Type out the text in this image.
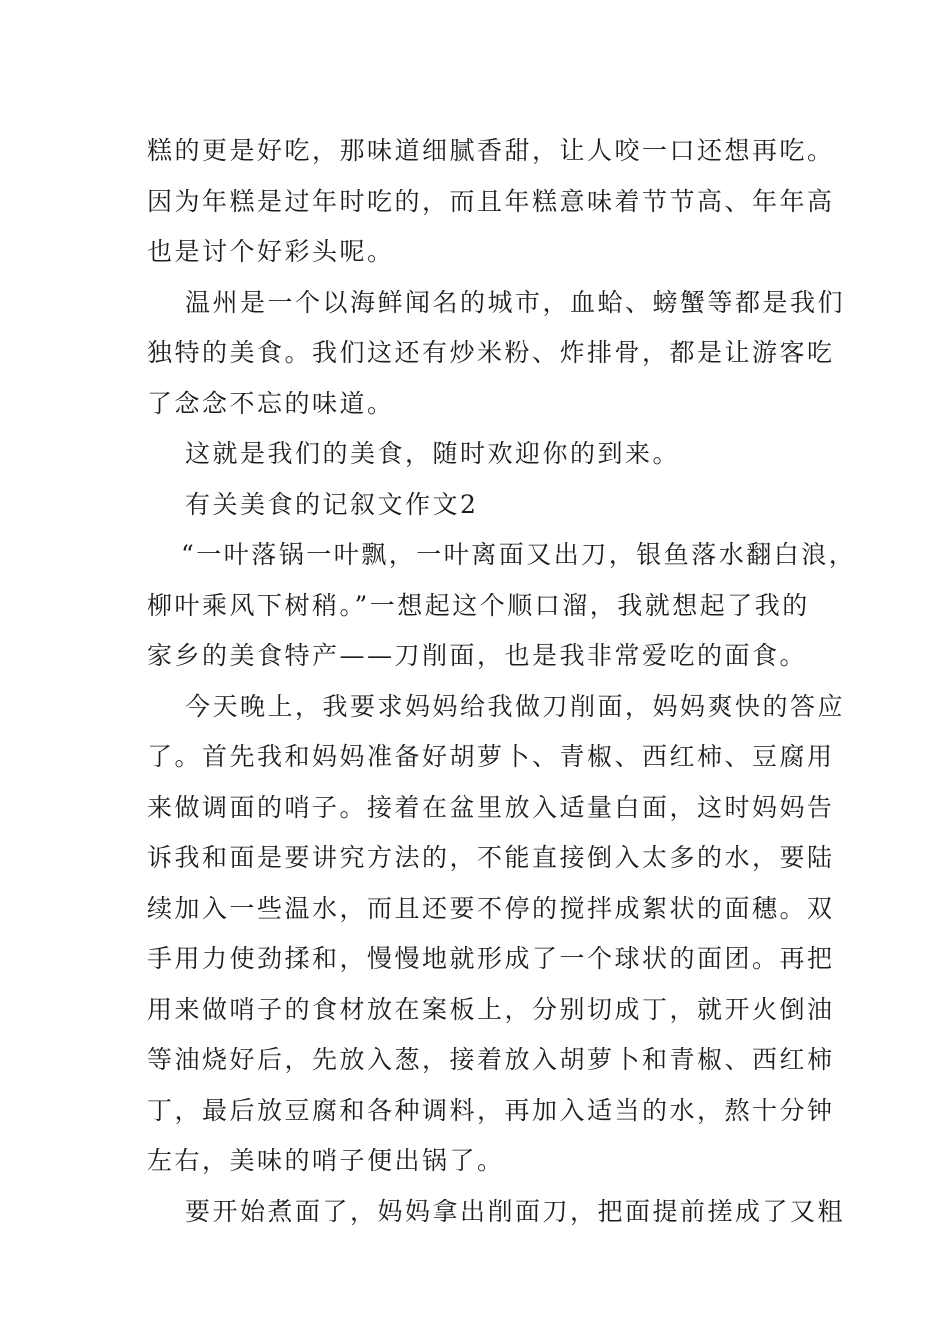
糕的更是好吃，那味道细腻香甜，让人咬一口还想再吃。
因为年糕是过年时吃的，而且年糕意味着节节高、年年高
也是讨个好彩头呢。
温州是一个以海鲜闻名的城市，血蛤、螃蟹等都是我们
独特的美食。我们这还有炒米粉、炸排骨，都是让游客吃
了念念不忘的味道。
这就是我们的美食，随时欢迎你的到来。
有关美食的记叙文作文2
“一叶落锅一叶飘，一叶离面又出刀，银鱼落水翻白浪，
柳叶乘风下树稍。”一想起这个顺口溜，我就想起了我的
家乡的美食特产——刀削面，也是我非常爱吃的面食。
今天晚上，我要求妈妈给我做刀削面，妈妈爽快的答应
了。首先我和妈妈准备好胡萝卜、青椒、西红柿、豆腐用
来做调面的哨子。接着在盆里放入适量白面，这时妈妈告
诉我和面是要讲究方法的，不能直接倒入太多的水，要陆
续加入一些温水，而且还要不停的搅拌成絮状的面穗。双
手用力使劲揉和，慢慢地就形成了一个球状的面团。再把
用来做哨子的食材放在案板上，分别切成丁，就开火倒油
等油烧好后，先放入葱，接着放入胡萝卜和青椒、西红柿
丁，最后放豆腐和各种调料，再加入适当的水，熬十分钟
左右，美味的哨子便出锅了。
要开始煮面了，妈妈拿出削面刀，把面提前搓成了又粗
